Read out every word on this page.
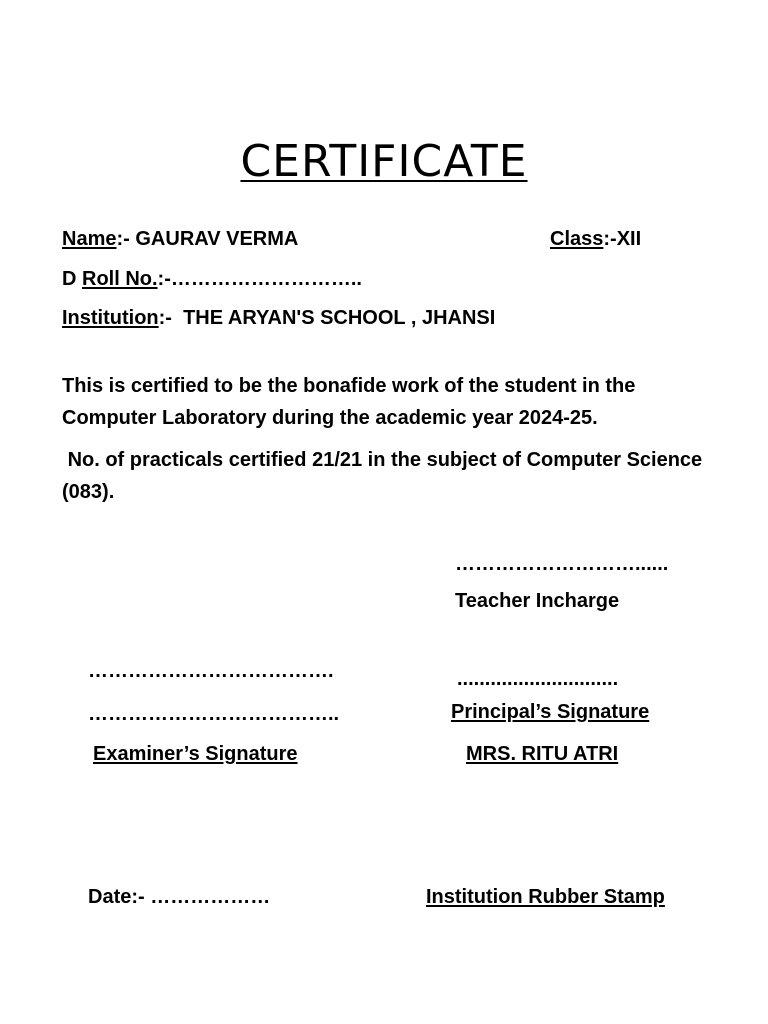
CERTIFICATE
Name:- GAURAV VERMA	Class:-XII
D Roll No.:-………………………..
Institution:-  THE ARYAN'S SCHOOL , JHANSI
This is certified to be the bonafide work of the student in the Computer Laboratory during the academic year 2024-25.
No. of practicals certified 21/21 in the subject of Computer Science (083).
………………………......
Teacher Incharge
……………………………….
………………………………..
Examiner’s Signature
.............................
Principal’s Signature
MRS. RITU ATRI
Date:- ………………	Institution Rubber Stamp
